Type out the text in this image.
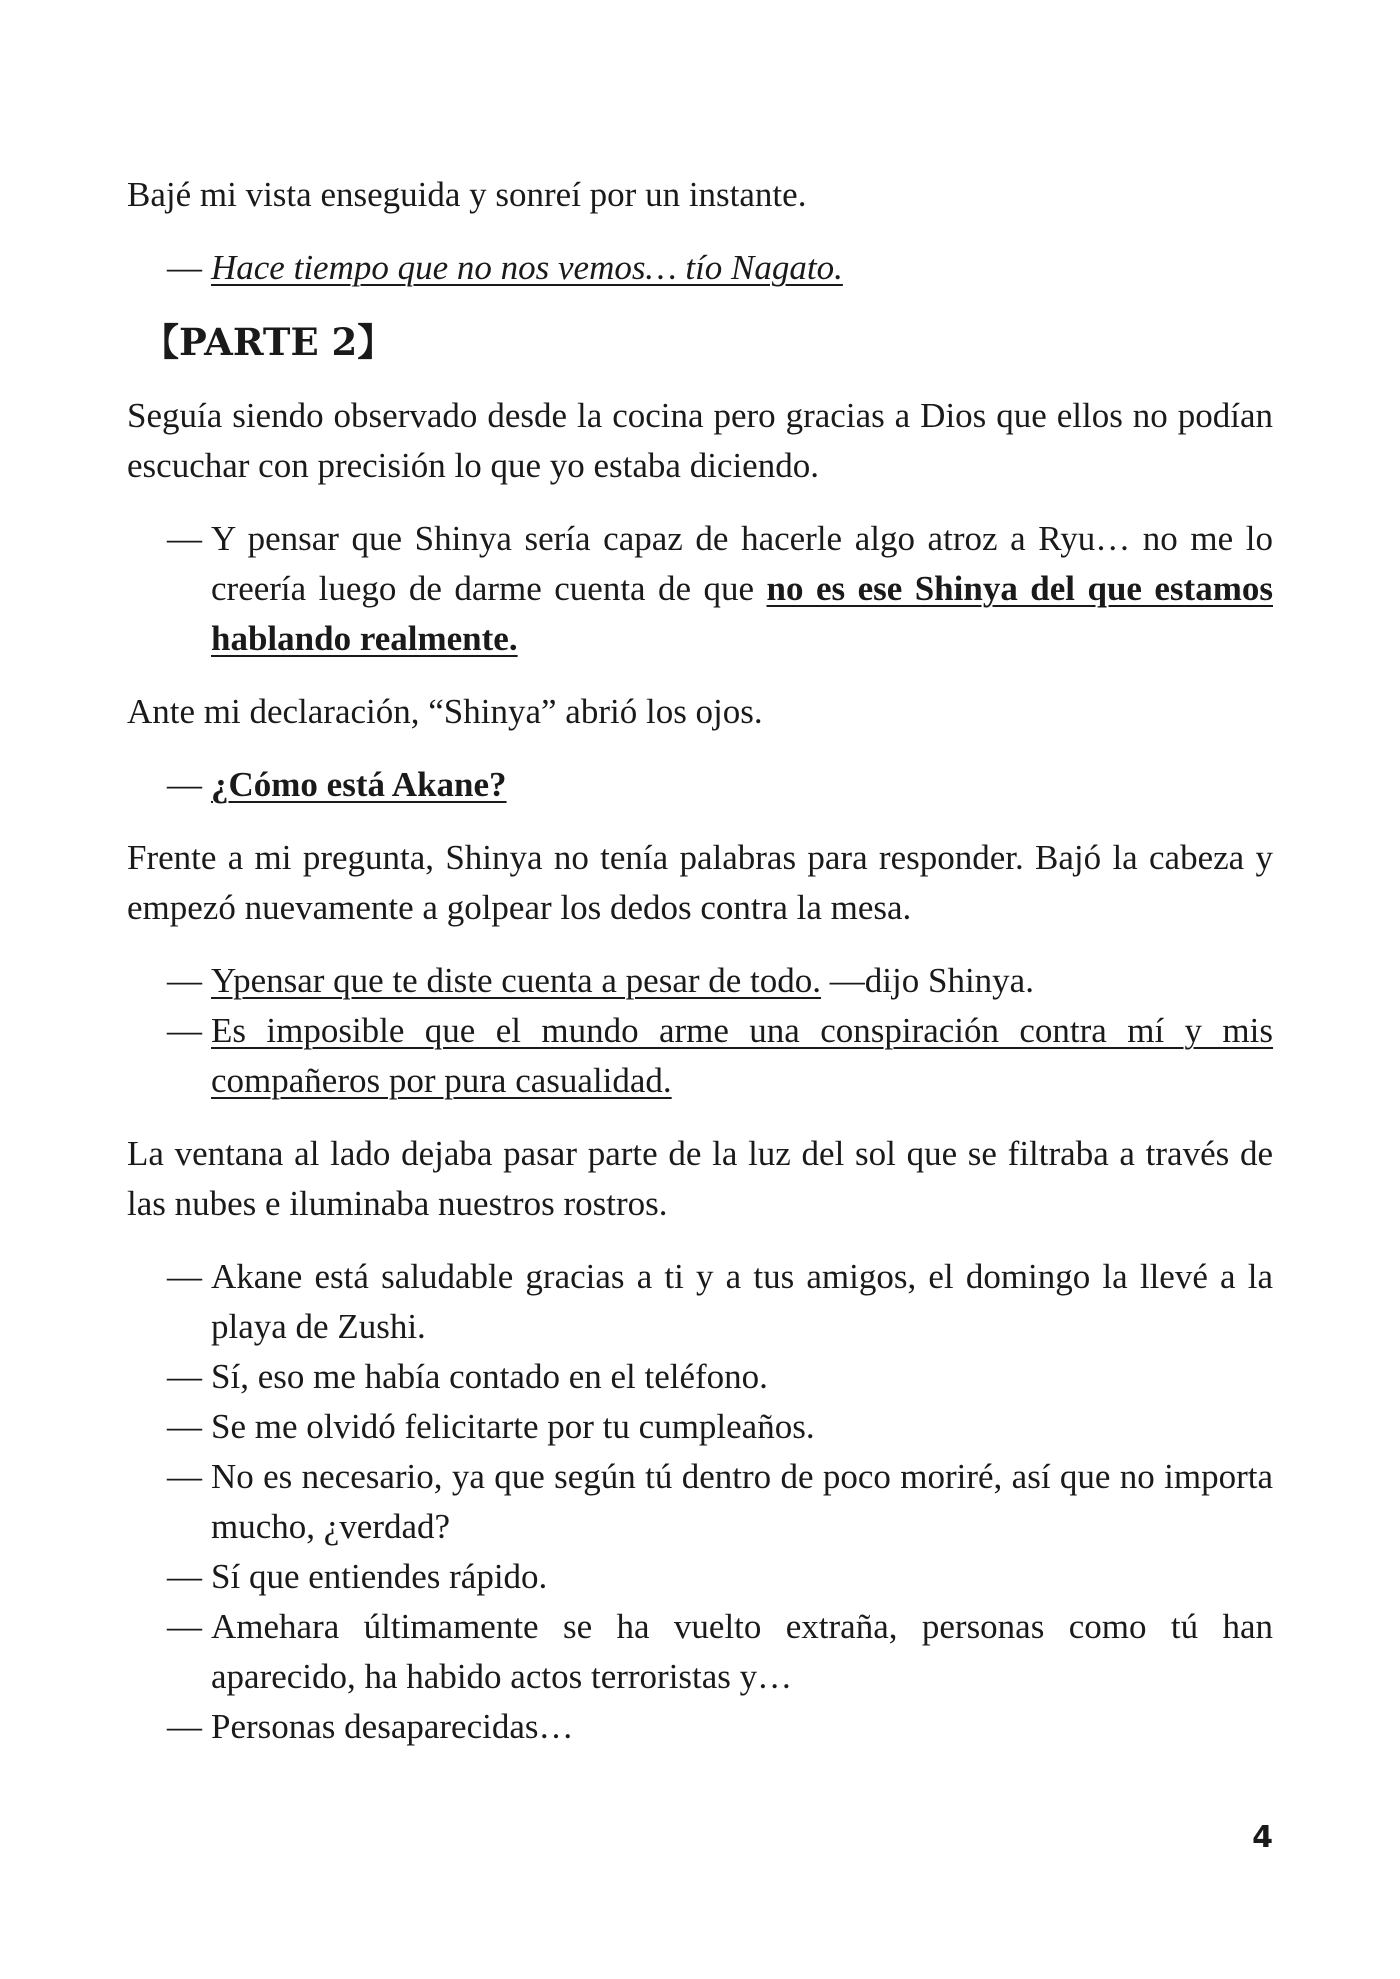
Bajé mi vista enseguida y sonreí por un instante.

— Hace tiempo que no nos vemos… tío Nagato.

【PARTE 2】

Seguía siendo observado desde la cocina pero gracias a Dios que ellos no podían escuchar con precisión lo que yo estaba diciendo.

— Y pensar que Shinya sería capaz de hacerle algo atroz a Ryu… no me lo creería luego de darme cuenta de que no es ese Shinya del que estamos hablando realmente.

Ante mi declaración, “Shinya” abrió los ojos.

— ¿Cómo está Akane?

Frente a mi pregunta, Shinya no tenía palabras para responder. Bajó la cabeza y empezó nuevamente a golpear los dedos contra la mesa.

— Ypensar que te diste cuenta a pesar de todo. —dijo Shinya.
— Es imposible que el mundo arme una conspiración contra mí y mis compañeros por pura casualidad.

La ventana al lado dejaba pasar parte de la luz del sol que se filtraba a través de las nubes e iluminaba nuestros rostros.

— Akane está saludable gracias a ti y a tus amigos, el domingo la llevé a la playa de Zushi.
— Sí, eso me había contado en el teléfono.
— Se me olvidó felicitarte por tu cumpleaños.
— No es necesario, ya que según tú dentro de poco moriré, así que no importa mucho, ¿verdad?
— Sí que entiendes rápido.
— Amehara últimamente se ha vuelto extraña, personas como tú han aparecido, ha habido actos terroristas y…
— Personas desaparecidas…
4
